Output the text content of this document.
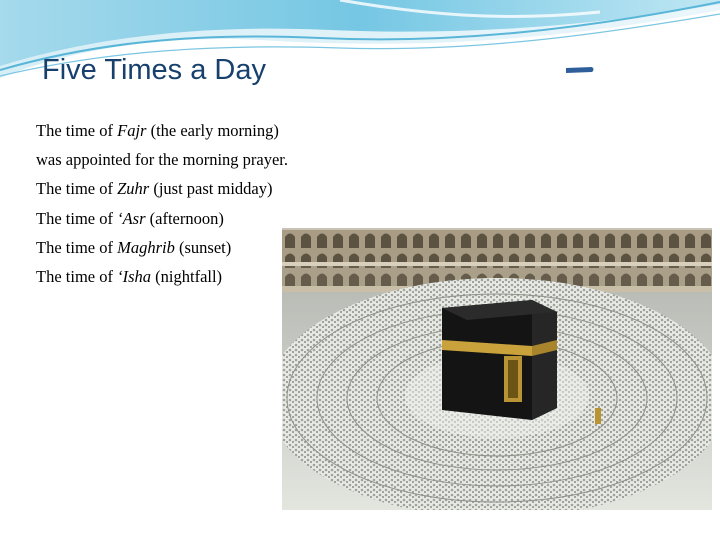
Five Times a Day
The time of Fajr (the early morning)
was appointed for the morning prayer.
The time of Zuhr (just past midday)
The time of ‘Asr (afternoon)
The time of Maghrib (sunset)
The time of ‘Isha (nightfall)
